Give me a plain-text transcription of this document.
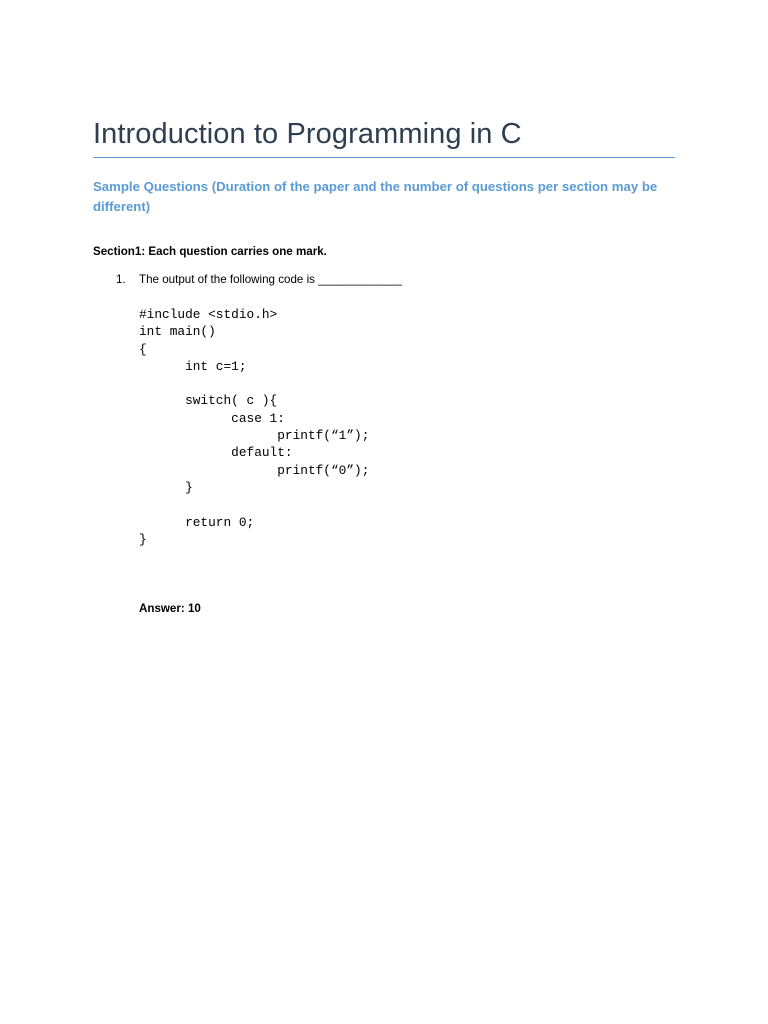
Introduction to Programming in C
Sample Questions (Duration of the paper and the number of questions per section may be different)
Section1: Each question carries one mark.
1. The output of the following code is _____________
#include <stdio.h>
int main()
{
int c=1;
switch( c ){
case 1:
printf(“1”);
default:
printf(“0”);
}
return 0;
}
Answer: 10
